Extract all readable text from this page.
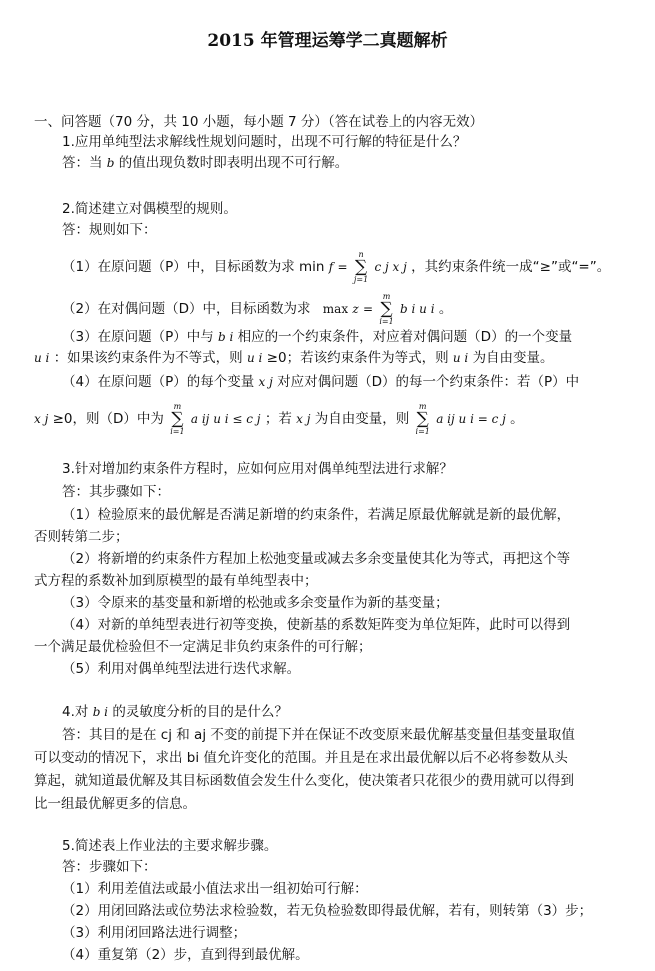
2015 年管理运筹学二真题解析
一、问答题（70 分，共 10 小题，每小题 7 分）（答在试卷上的内容无效）
1.应用单纯型法求解线性规划问题时，出现不可行解的特征是什么？
答：当 b 的值出现负数时即表明出现不可行解。
2.简述建立对偶模型的规则。
答：规则如下：
（1）在原问题（P）中，目标函数为求 min f =
n
∑
j=1
c j x j ，其约束条件统一成“≥”或“=”。
（2）在对偶问题（D）中，目标函数为求 max z =
m
∑
i=1
b i u i 。
（3）在原问题（P）中与 b i 相应的一个约束条件，对应着对偶问题（D）的一个变量
u i ：如果该约束条件为不等式，则 u i ≥0；若该约束条件为等式，则 u i 为自由变量。
（4）在原问题（P）的每个变量 x j 对应对偶问题（D）的每一个约束条件：若（P）中
x j ≥0，则（D）中为
m
∑
i=1
a ij u i ≤ c j ；若 x j 为自由变量，则
m
∑
i=1
a ij u i = c j 。
3.针对增加约束条件方程时，应如何应用对偶单纯型法进行求解？
答：其步骤如下：
（1）检验原来的最优解是否满足新增的约束条件，若满足原最优解就是新的最优解，
否则转第二步；
（2）将新增的约束条件方程加上松弛变量或减去多余变量使其化为等式，再把这个等
式方程的系数补加到原模型的最有单纯型表中；
（3）令原来的基变量和新增的松弛或多余变量作为新的基变量；
（4）对新的单纯型表进行初等变换，使新基的系数矩阵变为单位矩阵，此时可以得到
一个满足最优检验但不一定满足非负约束条件的可行解；
（5）利用对偶单纯型法进行迭代求解。
4.对 b i 的灵敏度分析的目的是什么？
答：其目的是在 cj 和 aj 不变的前提下并在保证不改变原来最优解基变量但基变量取值
可以变动的情况下，求出 bi 值允许变化的范围。并且是在求出最优解以后不必将参数从头
算起，就知道最优解及其目标函数值会发生什么变化，使决策者只花很少的费用就可以得到
比一组最优解更多的信息。
5.简述表上作业法的主要求解步骤。
答：步骤如下：
（1）利用差值法或最小值法求出一组初始可行解：
（2）用闭回路法或位势法求检验数，若无负检验数即得最优解，若有，则转第（3）步；
（3）利用闭回路法进行调整；
（4）重复第（2）步，直到得到最优解。
